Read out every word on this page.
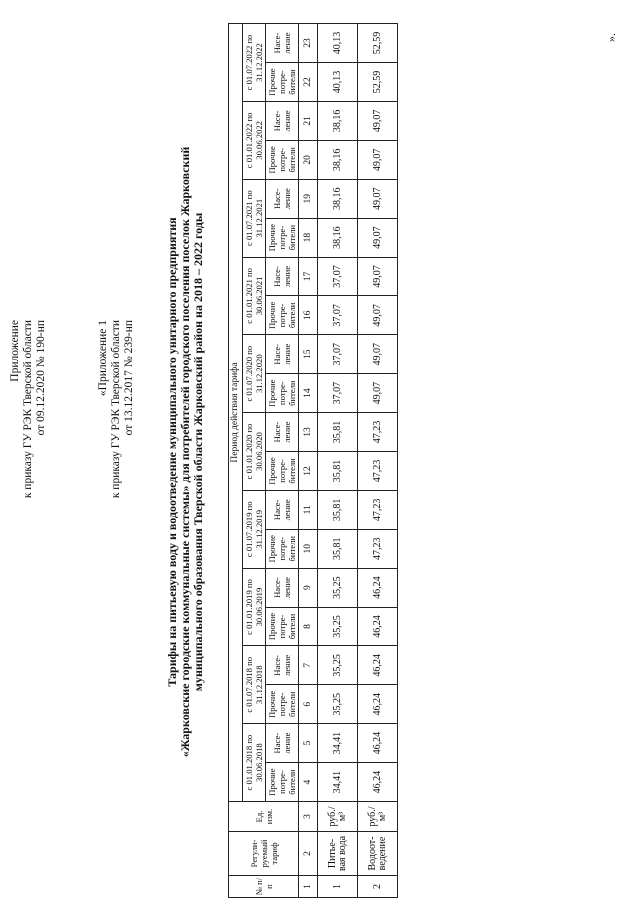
Приложение к приказу ГУ РЭК Тверской области от 09.12.2020 № 190-нп	«Приложение 1 к приказу ГУ РЭК Тверской области от 13.12.2017 № 239-нп	Тарифы на питьевую воду и водоотведение муниципального унитарного предприятия «Жарковские городские коммунальные системы» для потребителей городского поселения поселок Жарковский муниципального образования Тверской области Жарковский район на 2018 – 2022 годы
№ п/п	Регули-руемый тариф	Ед. изм.	Период действия тарифа																			
			с 01.01.2018 по 30.06.2018		с 01.07.2018 по 31.12.2018		с 01.01.2019 по 30.06.2019		с 01.07.2019 по 31.12.2019		с 01.01.2020 по 30.06.2020		с 01.07.2020 по 31.12.2020		с 01.01.2021 по 30.06.2021		с 01.07.2021 по 31.12.2021		с 01.01.2022 по 30.06.2022		с 01.07.2022 по 31.12.2022	
			Прочие потре-бители	Насе-ление	Прочие потре-бители	Насе-ление	Прочие потре-бители	Насе-ление	Прочие потре-бители	Насе-ление	Прочие потре-бители	Насе-ление	Прочие потре-бители	Насе-ление	Прочие потре-бители	Насе-ление	Прочие потре-бители	Насе-ление	Прочие потре-бители	Насе-ление	Прочие потре-бители	Насе-ление
1	2	3	4	5	6	7	8	9	10	11	12	13	14	15	16	17	18	19	20	21	22	23
1	Питье-вая вода	руб./м³	34,41	34,41	35,25	35,25	35,25	35,25	35,81	35,81	35,81	35,81	37,07	37,07	37,07	37,07	38,16	38,16	38,16	38,16	40,13	40,13
2	Водоот-ведение	руб./м³	46,24	46,24	46,24	46,24	46,24	46,24	47,23	47,23	47,23	47,23	49,07	49,07	49,07	49,07	49,07	49,07	49,07	49,07	52,59	52,59	».
